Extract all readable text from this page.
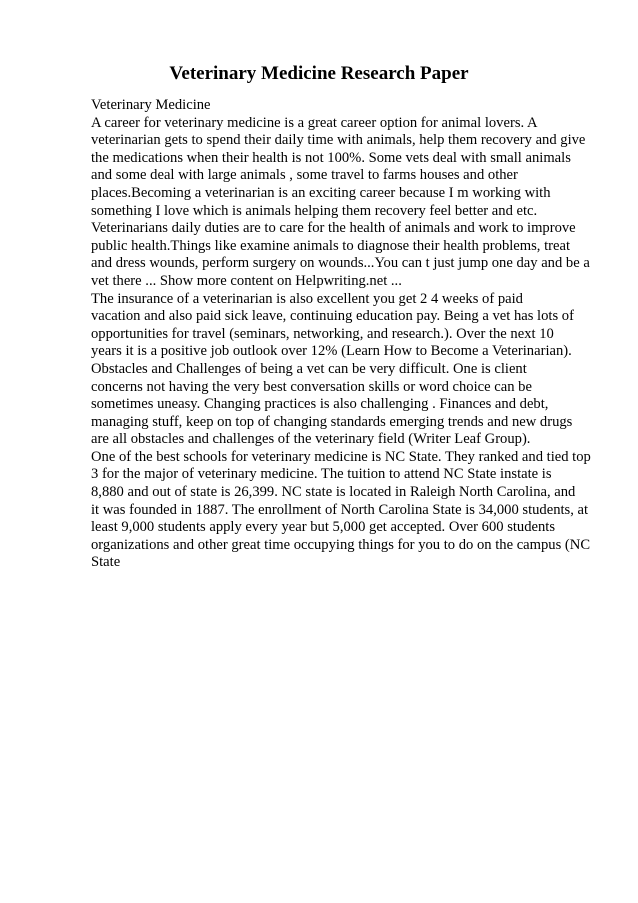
Veterinary Medicine Research Paper
Veterinary Medicine
A career for veterinary medicine is a great career option for animal lovers. A
veterinarian gets to spend their daily time with animals, help them recovery and give
the medications when their health is not 100%. Some vets deal with small animals
and some deal with large animals , some travel to farms houses and other
places.Becoming a veterinarian is an exciting career because I m working with
something I love which is animals helping them recovery feel better and etc.
Veterinarians daily duties are to care for the health of animals and work to improve
public health.Things like examine animals to diagnose their health problems, treat
and dress wounds, perform surgery on wounds...You can t just jump one day and be a
vet there ... Show more content on Helpwriting.net ...
The insurance of a veterinarian is also excellent you get 2 4 weeks of paid
vacation and also paid sick leave, continuing education pay. Being a vet has lots of
opportunities for travel (seminars, networking, and research.). Over the next 10
years it is a positive job outlook over 12% (Learn How to Become a Veterinarian).
Obstacles and Challenges of being a vet can be very difficult. One is client
concerns not having the very best conversation skills or word choice can be
sometimes uneasy. Changing practices is also challenging . Finances and debt,
managing stuff, keep on top of changing standards emerging trends and new drugs
are all obstacles and challenges of the veterinary field (Writer Leaf Group).
One of the best schools for veterinary medicine is NC State. They ranked and tied top
3 for the major of veterinary medicine. The tuition to attend NC State instate is
8,880 and out of state is 26,399. NC state is located in Raleigh North Carolina, and
it was founded in 1887. The enrollment of North Carolina State is 34,000 students, at
least 9,000 students apply every year but 5,000 get accepted. Over 600 students
organizations and other great time occupying things for you to do on the campus (NC
State
